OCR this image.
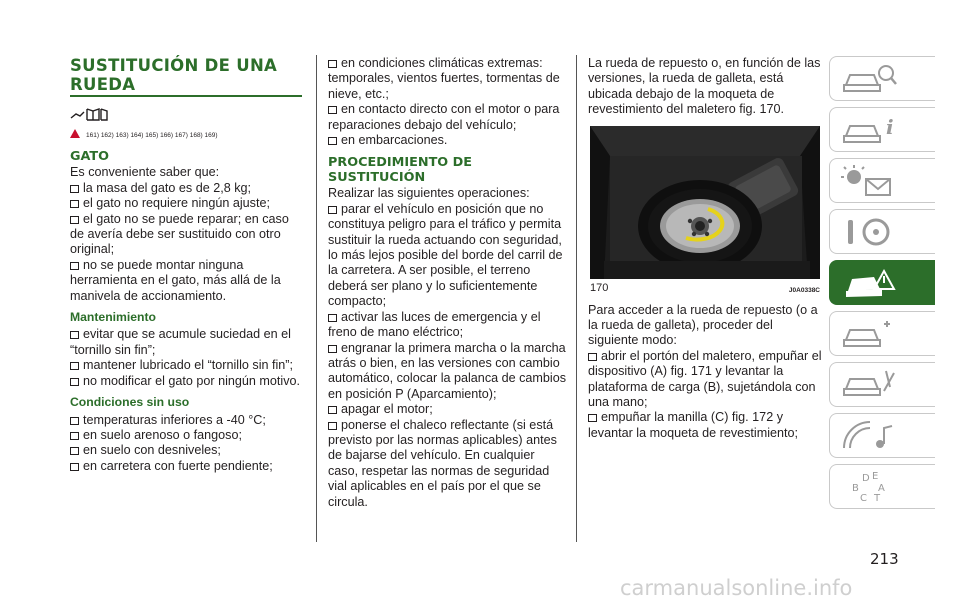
SUSTITUCIÓN DE UNA RUEDA
161) 162) 163) 164) 165) 166) 167) 168) 169)
GATO

Es conveniente saber que:

la masa del gato es de 2,8 kg;

el gato no requiere ningún ajuste;

el gato no se puede reparar; en caso de avería debe ser sustituido con otro original;

no se puede montar ninguna herramienta en el gato, más allá de la manivela de accionamiento.

Mantenimiento

evitar que se acumule suciedad en el “tornillo sin fin”;

mantener lubricado el “tornillo sin fin”;

no modificar el gato por ningún motivo.

Condiciones sin uso

temperaturas inferiores a -40 °C;

en suelo arenoso o fangoso;

en suelo con desniveles;

en carretera con fuerte pendiente;

en condiciones climáticas extremas: temporales, vientos fuertes, tormentas de nieve, etc.;

en contacto directo con el motor o para reparaciones debajo del vehículo;

en embarcaciones.

PROCEDIMIENTO DE SUSTITUCIÓN

Realizar las siguientes operaciones:

parar el vehículo en posición que no constituya peligro para el tráfico y permita sustituir la rueda actuando con seguridad, lo más lejos posible del borde del carril de la carretera. A ser posible, el terreno deberá ser plano y lo suficientemente compacto;

activar las luces de emergencia y el freno de mano eléctrico;

engranar la primera marcha o la marcha atrás o bien, en las versiones con cambio automático, colocar la palanca de cambios en posición P (Aparcamiento);

apagar el motor;

ponerse el chaleco reflectante (si está previsto por las normas aplicables) antes de bajarse del vehículo. En cualquier caso, respetar las normas de seguridad vial aplicables en el país por el que se circula.

La rueda de repuesto o, en función de las versiones, la rueda de galleta, está ubicada debajo de la moqueta de revestimiento del maletero fig. 170.

170	J0A0338C

Para acceder a la rueda de repuesto (o a la rueda de galleta), proceder del siguiente modo:

abrir el portón del maletero, empuñar el dispositivo (A) fig. 171 y levantar la plataforma de carga (B), sujetándola con una mano;

empuñar la manilla (C) fig. 172 y levantar la moqueta de revestimiento;

i
D E
B A
C T
213
carmanualsonline.info
